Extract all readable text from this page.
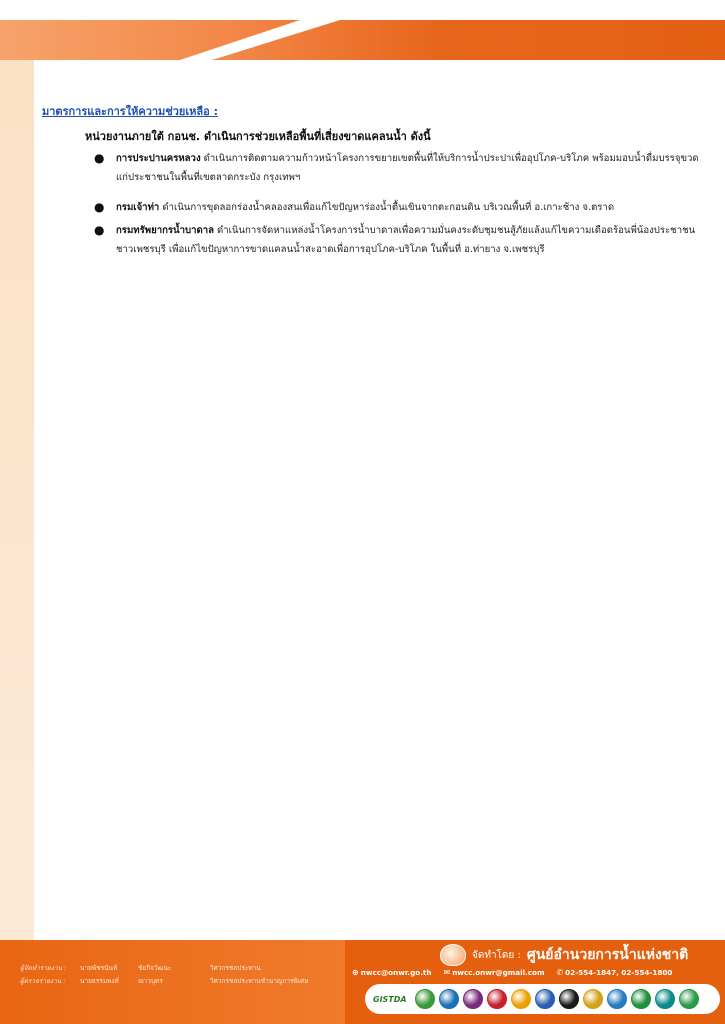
มาตรการและการให้ความช่วยเหลือ :
หน่วยงานภายใต้ กอนช. ดำเนินการช่วยเหลือพื้นที่เสี่ยงขาดแคลนน้ำ ดังนี้
●	การประปานครหลวง ดำเนินการติดตามความก้าวหน้าโครงการขยายเขตพื้นที่ให้บริการน้ำประปาเพื่ออุปโภค-บริโภค พร้อมมอบน้ำดื่มบรรจุขวดแก่ประชาชนในพื้นที่เขตลาดกระบัง กรุงเทพฯ
●	กรมเจ้าท่า ดำเนินการขุดลอกร่องน้ำคลองสนเพื่อแก้ไขปัญหาร่องน้ำตื้นเขินจากตะกอนดิน บริเวณพื้นที่ อ.เกาะช้าง จ.ตราด
●	กรมทรัพยากรน้ำบาดาล ดำเนินการจัดหาแหล่งน้ำโครงการน้ำบาดาลเพื่อความมั่นคงระดับชุมชนสู้ภัยแล้งแก้ไขความเดือดร้อนพี่น้องประชาชนชาวเพชรบุรี เพื่อแก้ไขปัญหาการขาดแคลนน้ำสะอาดเพื่อการอุปโภค-บริโภค ในพื้นที่ อ.ท่ายาง จ.เพชรบุรี
ผู้จัดทำรายงาน :	นายพัชรนันท์	ชัยกิจวัฒนะ	วิศวกรชลประทาน
ผู้ตรวจรายงาน :	นายธรรมพงศ์	ฌาวบุตร	วิศวกรชลประทานชำนาญการพิเศษ
จัดทำโดย : ศูนย์อำนวยการน้ำแห่งชาติ
⊕ nwcc@onwr.go.th ✉ nwcc.onwr@gmail.com ✆ 02-554-1847, 02-554-1800
GISTDA
